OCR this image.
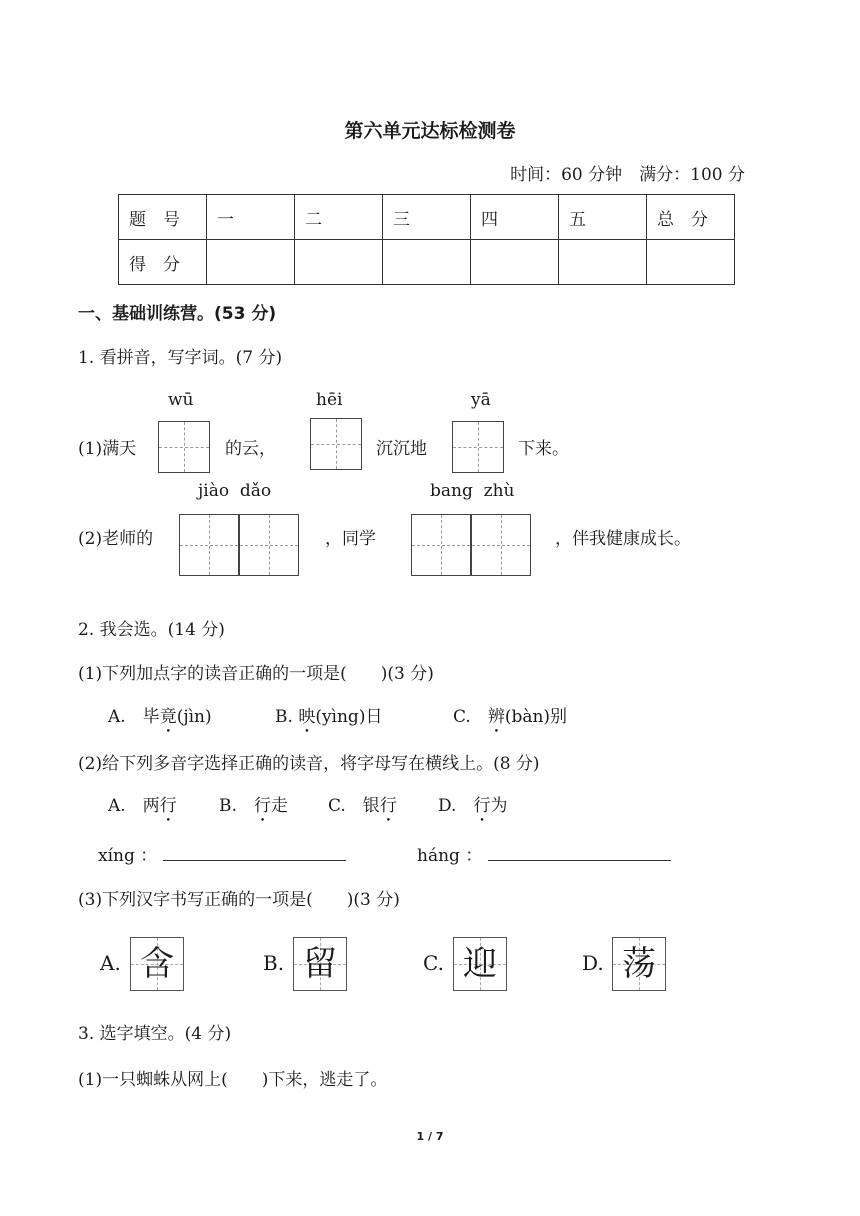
第六单元达标检测卷
时间：60 分钟　满分：100 分
题　号	一	二	三	四	五	总　分
得　分						
一、基础训练营。(53 分)
1. 看拼音，写字词。(7 分)
wū	hēi	yā
(1)满天	的云，	沉沉地	下来。
jiào  dǎo	bang  zhù
(2)老师的	，同学	，伴我健康成长。
2. 我会选。(14 分)
(1)下列加点字的读音正确的一项是(　　)(3 分)
A.　毕竟(jìn)	B. 映(yìng)日	C.　辨(bàn)别
(2)给下列多音字选择正确的读音，将字母写在横线上。(8 分)
A.　两行 B.　行走 C.　银行 D.　行为
xíng ：	háng ：
(3)下列汉字书写正确的一项是(　　)(3 分)
A. 含	B. 留	C. 迎	D. 荡
3. 选字填空。(4 分)
(1)一只蜘蛛从网上(　　)下来，逃走了。
1 / 7
